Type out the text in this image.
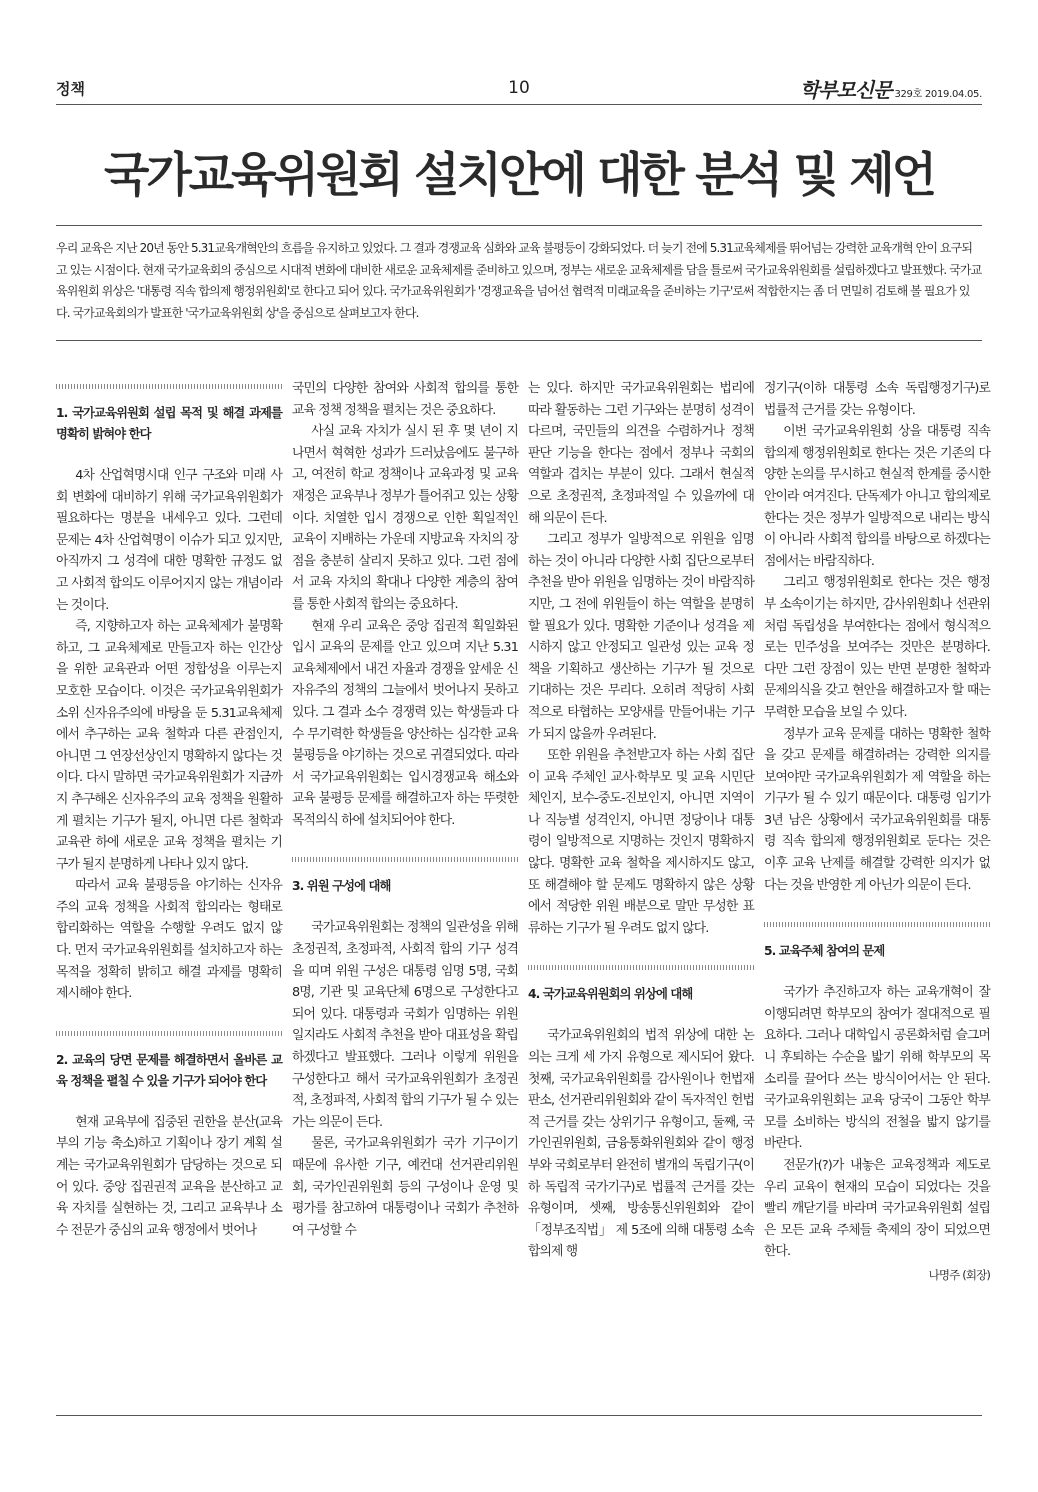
정책	10	학부모신문 329호 2019.04.05.
국가교육위원회 설치안에 대한 분석 및 제언
우리 교육은 지난 20년 동안 5.31교육개혁안의 흐름을 유지하고 있었다. 그 결과 경쟁교육 심화와 교육 불평등이 강화되었다. 더 늦기 전에 5.31교육체제를 뛰어넘는 강력한 교육개혁 안이 요구되고 있는 시점이다. 현재 국가교육회의 중심으로 시대적 변화에 대비한 새로운 교육체제를 준비하고 있으며, 정부는 새로운 교육체제를 담을 틀로써 국가교육위원회를 설립하겠다고 발표했다. 국가교육위원회 위상은 '대통령 직속 합의제 행정위원회'로 한다고 되어 있다. 국가교육위원회가 '경쟁교육을 넘어선 협력적 미래교육을 준비하는 기구'로써 적합한지는 좀 더 면밀히 검토해 볼 필요가 있다. 국가교육회의가 발표한 '국가교육위원회 상'을 중심으로 살펴보고자 한다.
1. 국가교육위원회 설립 목적 및 해결 과제를 명확히 밝혀야 한다

4차 산업혁명시대 인구 구조와 미래 사회 변화에 대비하기 위해 국가교육위원회가 필요하다는 명분을 내세우고 있다. 그런데 문제는 4차 산업혁명이 이슈가 되고 있지만, 아직까지 그 성격에 대한 명확한 규정도 없고 사회적 합의도 이루어지지 않는 개념이라는 것이다.

즉, 지향하고자 하는 교육체제가 불명확하고, 그 교육체제로 만들고자 하는 인간상을 위한 교육관과 어떤 정합성을 이루는지 모호한 모습이다. 이것은 국가교육위원회가 소위 신자유주의에 바탕을 둔 5.31교육체제에서 추구하는 교육 철학과 다른 관점인지, 아니면 그 연장선상인지 명확하지 않다는 것이다. 다시 말하면 국가교육위원회가 지금까지 추구해온 신자유주의 교육 정책을 원활하게 펼치는 기구가 될지, 아니면 다른 철학과 교육관 하에 새로운 교육 정책을 펼치는 기구가 될지 분명하게 나타나 있지 않다.

따라서 교육 불평등을 야기하는 신자유주의 교육 정책을 사회적 합의라는 형태로 합리화하는 역할을 수행할 우려도 없지 않다. 먼저 국가교육위원회를 설치하고자 하는 목적을 정확히 밝히고 해결 과제를 명확히 제시해야 한다.

2. 교육의 당면 문제를 해결하면서 올바른 교육 정책을 펼칠 수 있을 기구가 되어야 한다

현재 교육부에 집중된 권한을 분산(교육부의 기능 축소)하고 기획이나 장기 계획 설계는 국가교육위원회가 담당하는 것으로 되어 있다. 중앙 집권권적 교육을 분산하고 교육 자치를 실현하는 것, 그리고 교육부나 소수 전문가 중심의 교육 행정에서 벗어나

국민의 다양한 참여와 사회적 합의를 통한 교육 정책 정책을 펼치는 것은 중요하다.

사실 교육 자치가 실시 된 후 몇 년이 지나면서 혁혁한 성과가 드러났음에도 불구하고, 여전히 학교 정책이나 교육과정 및 교육 재정은 교육부나 정부가 틀어쥐고 있는 상황이다. 치열한 입시 경쟁으로 인한 획일적인 교육이 지배하는 가운데 지방교육 자치의 장점을 충분히 살리지 못하고 있다. 그런 점에서 교육 자치의 확대나 다양한 계층의 참여를 통한 사회적 합의는 중요하다.

현재 우리 교육은 중앙 집권적 획일화된 입시 교육의 문제를 안고 있으며 지난 5.31교육체제에서 내건 자율과 경쟁을 앞세운 신자유주의 정책의 그늘에서 벗어나지 못하고 있다. 그 결과 소수 경쟁력 있는 학생들과 다수 무기력한 학생들을 양산하는 심각한 교육 불평등을 야기하는 것으로 귀결되었다. 따라서 국가교육위원회는 입시경쟁교육 해소와 교육 불평등 문제를 해결하고자 하는 뚜렷한 목적의식 하에 설치되어야 한다.

3. 위원 구성에 대해

국가교육위원회는 정책의 일관성을 위해 초정권적, 초정파적, 사회적 합의 기구 성격을 띠며 위원 구성은 대통령 임명 5명, 국회 8명, 기관 및 교육단체 6명으로 구성한다고 되어 있다. 대통령과 국회가 임명하는 위원일지라도 사회적 추천을 받아 대표성을 확립하겠다고 발표했다. 그러나 이렇게 위원을 구성한다고 해서 국가교육위원회가 초정권적, 초정파적, 사회적 합의 기구가 될 수 있는가는 의문이 든다.

물론, 국가교육위원회가 국가 기구이기 때문에 유사한 기구, 예컨대 선거관리위원회, 국가인권위원회 등의 구성이나 운영 및 평가를 참고하여 대통령이나 국회가 추천하여 구성할 수

는 있다. 하지만 국가교육위원회는 법리에 따라 활동하는 그런 기구와는 분명히 성격이 다르며, 국민들의 의견을 수렴하거나 정책 판단 기능을 한다는 점에서 정부나 국회의 역할과 겹치는 부분이 있다. 그래서 현실적으로 초정권적, 초정파적일 수 있을까에 대해 의문이 든다.

그리고 정부가 일방적으로 위원을 임명하는 것이 아니라 다양한 사회 집단으로부터 추천을 받아 위원을 임명하는 것이 바람직하지만, 그 전에 위원들이 하는 역할을 분명히 할 필요가 있다. 명확한 기준이나 성격을 제시하지 않고 안정되고 일관성 있는 교육 정책을 기획하고 생산하는 기구가 될 것으로 기대하는 것은 무리다. 오히려 적당히 사회적으로 타협하는 모양새를 만들어내는 기구가 되지 않을까 우려된다.

또한 위원을 추천받고자 하는 사회 집단이 교육 주체인 교사·학부모 및 교육 시민단체인지, 보수-중도-진보인지, 아니면 지역이나 직능별 성격인지, 아니면 정당이나 대통령이 일방적으로 지명하는 것인지 명확하지 않다. 명확한 교육 철학을 제시하지도 않고, 또 해결해야 할 문제도 명확하지 않은 상황에서 적당한 위원 배분으로 말만 무성한 표류하는 기구가 될 우려도 없지 않다.

4. 국가교육위원회의 위상에 대해

국가교육위원회의 법적 위상에 대한 논의는 크게 세 가지 유형으로 제시되어 왔다. 첫째, 국가교육위원회를 감사원이나 헌법재판소, 선거관리위원회와 같이 독자적인 헌법적 근거를 갖는 상위기구 유형이고, 둘째, 국가인권위원회, 금융통화위원회와 같이 행정부와 국회로부터 완전히 별개의 독립기구(이하 독립적 국가기구)로 법률적 근거를 갖는 유형이며, 셋째, 방송통신위원회와 같이 「정부조직법」 제 5조에 의해 대통령 소속 합의제 행

정기구(이하 대통령 소속 독립행정기구)로 법률적 근거를 갖는 유형이다.

이번 국가교육위원회 상을 대통령 직속 합의제 행정위원회로 한다는 것은 기존의 다양한 논의를 무시하고 현실적 한계를 중시한 안이라 여겨진다. 단독제가 아니고 합의제로 한다는 것은 정부가 일방적으로 내리는 방식이 아니라 사회적 합의를 바탕으로 하겠다는 점에서는 바람직하다.

그리고 행정위원회로 한다는 것은 행정부 소속이기는 하지만, 감사위원회나 선관위처럼 독립성을 부여한다는 점에서 형식적으로는 민주성을 보여주는 것만은 분명하다. 다만 그런 장점이 있는 반면 분명한 철학과 문제의식을 갖고 현안을 해결하고자 할 때는 무력한 모습을 보일 수 있다.

정부가 교육 문제를 대하는 명확한 철학을 갖고 문제를 해결하려는 강력한 의지를 보여야만 국가교육위원회가 제 역할을 하는 기구가 될 수 있기 때문이다. 대통령 임기가 3년 남은 상황에서 국가교육위원회를 대통령 직속 합의제 행정위원회로 둔다는 것은 이후 교육 난제를 해결할 강력한 의지가 없다는 것을 반영한 게 아닌가 의문이 든다.

5. 교육주체 참여의 문제

국가가 추진하고자 하는 교육개혁이 잘 이행되려면 학부모의 참여가 절대적으로 필요하다. 그러나 대학입시 공론화처럼 슬그머니 후퇴하는 수순을 밟기 위해 학부모의 목소리를 끌어다 쓰는 방식이어서는 안 된다. 국가교육위원회는 교육 당국이 그동안 학부모를 소비하는 방식의 전철을 밟지 않기를 바란다.

전문가(?)가 내놓은 교육정책과 제도로 우리 교육이 현재의 모습이 되었다는 것을 빨리 깨닫기를 바라며 국가교육위원회 설립은 모든 교육 주체들 축제의 장이 되었으면 한다.

나명주 (회장)
